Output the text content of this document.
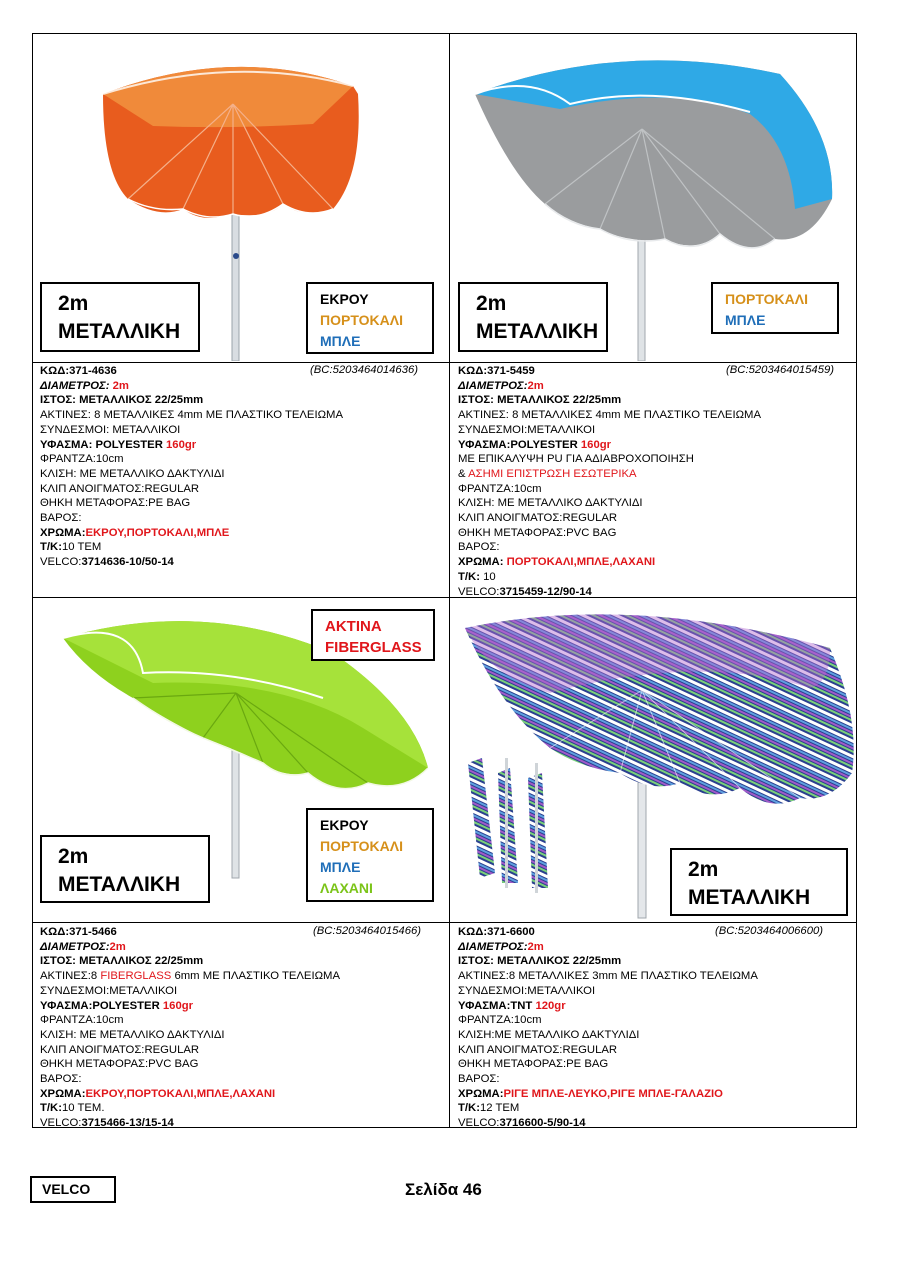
2m
ΜΕΤΑΛΛΙΚΗ
ΕΚΡΟΥ
ΠΟΡΤΟΚΑΛΙ
ΜΠΛΕ
ΚΩΔ:371-4636
ΔΙΑΜΕΤΡΟΣ: 2m
ΙΣΤΟΣ: ΜΕΤΑΛΛΙΚΟΣ 22/25mm
ΑΚΤΙΝΕΣ: 8 ΜΕΤΑΛΛΙΚΕΣ 4mm ΜΕ ΠΛΑΣΤΙΚΟ ΤΕΛΕΙΩΜΑ
ΣΥΝΔΕΣΜΟΙ: ΜΕΤΑΛΛΙΚΟΙ
ΥΦΑΣΜΑ: POLYESTER 160gr
ΦΡΑΝΤΖΑ:10cm
ΚΛΙΣΗ: ΜΕ ΜΕΤΑΛΛΙΚΟ ΔΑΚΤΥΛΙΔΙ
ΚΛΙΠ ΑΝΟΙΓΜΑΤΟΣ:REGULAR
ΘΗΚΗ ΜΕΤΑΦΟΡΑΣ:PE BAG
ΒΑΡΟΣ:
ΧΡΩΜΑ:ΕΚΡΟΥ,ΠΟΡΤΟΚΑΛΙ,ΜΠΛΕ
Τ/Κ:10 ΤΕΜ
VELCO:3714636-10/50-14
(BC:5203464014636)
2m
ΜΕΤΑΛΛΙΚΗ
ΠΟΡΤΟΚΑΛΙ
ΜΠΛΕ
ΚΩΔ:371-5459
ΔΙΑΜΕΤΡΟΣ:2m
ΙΣΤΟΣ: ΜΕΤΑΛΛΙΚΟΣ 22/25mm
ΑΚΤΙΝΕΣ: 8 ΜΕΤΑΛΛΙΚΕΣ 4mm ΜΕ ΠΛΑΣΤΙΚΟ ΤΕΛΕΙΩΜΑ
ΣΥΝΔΕΣΜΟΙ:ΜΕΤΑΛΛΙΚΟΙ
ΥΦΑΣΜΑ:POLYESTER 160gr
ΜΕ ΕΠΙΚΑΛΥΨΗ PU ΓΙΑ ΑΔΙΑΒΡΟΧΟΠΟΙΗΣΗ
& ΑΣΗΜΙ ΕΠΙΣΤΡΩΣΗ ΕΣΩΤΕΡΙΚΑ
ΦΡΑΝΤΖΑ:10cm
ΚΛΙΣΗ: ΜΕ ΜΕΤΑΛΛΙΚΟ ΔΑΚΤΥΛΙΔΙ
ΚΛΙΠ ΑΝΟΙΓΜΑΤΟΣ:REGULAR
ΘΗΚΗ ΜΕΤΑΦΟΡΑΣ:PVC BAG
ΒΑΡΟΣ:
ΧΡΩΜΑ: ΠΟΡΤΟΚΑΛΙ,ΜΠΛΕ,ΛΑΧΑΝΙ
Τ/Κ: 10
VELCO:3715459-12/90-14
(BC:5203464015459)
ΑΚΤΙΝΑ
FIBERGLASS
2m
ΜΕΤΑΛΛΙΚΗ
ΕΚΡΟΥ
ΠΟΡΤΟΚΑΛΙ
ΜΠΛΕ
ΛΑΧΑΝΙ
ΚΩΔ:371-5466
ΔΙΑΜΕΤΡΟΣ:2m
ΙΣΤΟΣ: ΜΕΤΑΛΛΙΚΟΣ 22/25mm
ΑΚΤΙΝΕΣ:8 FIBERGLASS 6mm ΜΕ ΠΛΑΣΤΙΚΟ ΤΕΛΕΙΩΜΑ
ΣΥΝΔΕΣΜΟΙ:ΜΕΤΑΛΛΙΚΟΙ
ΥΦΑΣΜΑ:POLYESTER 160gr
ΦΡΑΝΤΖΑ:10cm
ΚΛΙΣΗ: ΜΕ ΜΕΤΑΛΛΙΚΟ ΔΑΚΤΥΛΙΔΙ
ΚΛΙΠ ΑΝΟΙΓΜΑΤΟΣ:REGULAR
ΘΗΚΗ ΜΕΤΑΦΟΡΑΣ:PVC BAG
ΒΑΡΟΣ:
ΧΡΩΜΑ:ΕΚΡΟΥ,ΠΟΡΤΟΚΑΛΙ,ΜΠΛΕ,ΛΑΧΑΝΙ
Τ/Κ:10 ΤΕΜ.
VELCO:3715466-13/15-14
(BC:5203464015466)
2m
ΜΕΤΑΛΛΙΚΗ
ΚΩΔ:371-6600
ΔΙΑΜΕΤΡΟΣ:2m
ΙΣΤΟΣ: ΜΕΤΑΛΛΙΚΟΣ 22/25mm
ΑΚΤΙΝΕΣ:8 ΜΕΤΑΛΛΙΚΕΣ 3mm ΜΕ ΠΛΑΣΤΙΚΟ ΤΕΛΕΙΩΜΑ
ΣΥΝΔΕΣΜΟΙ:ΜΕΤΑΛΛΙΚΟΙ
ΥΦΑΣΜΑ:TNT 120gr
ΦΡΑΝΤΖΑ:10cm
ΚΛΙΣΗ:ΜΕ ΜΕΤΑΛΛΙΚΟ ΔΑΚΤΥΛΙΔΙ
ΚΛΙΠ ΑΝΟΙΓΜΑΤΟΣ:REGULAR
ΘΗΚΗ ΜΕΤΑΦΟΡΑΣ:PE BAG
ΒΑΡΟΣ:
ΧΡΩΜΑ:ΡΙΓΕ ΜΠΛΕ-ΛΕΥΚΟ,ΡΙΓΕ ΜΠΛΕ-ΓΑΛΑΖΙΟ
Τ/Κ:12 ΤΕΜ
VELCO:3716600-5/90-14
(BC:5203464006600)
VELCO	Σελίδα 46
